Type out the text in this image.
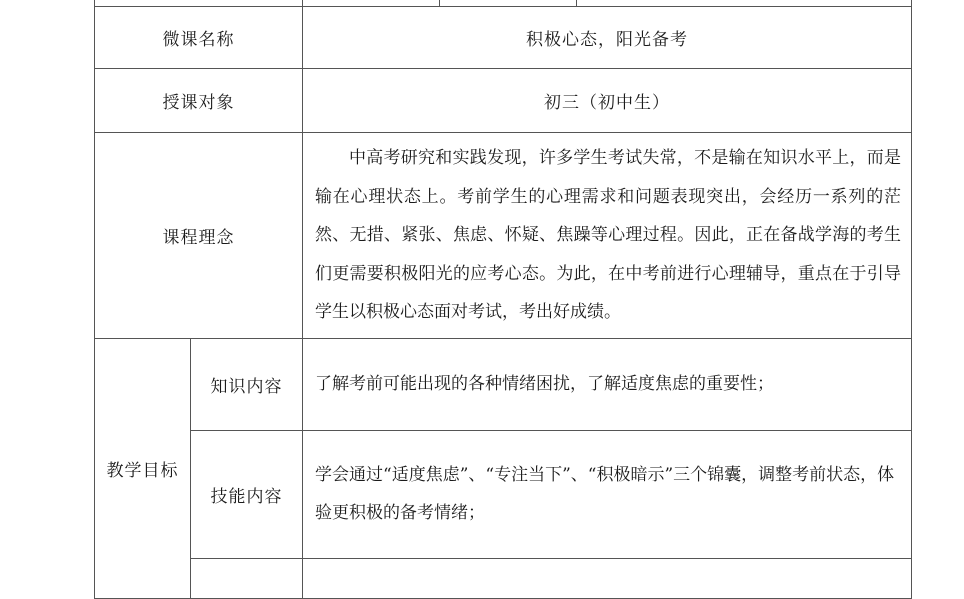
微课名称		积极心态，阳光备考
授课对象		初三（初中生）
课程理念		中高考研究和实践发现，许多学生考试失常，不是输在知识水平上，而是输在心理状态上。考前学生的心理需求和问题表现突出，会经历一系列的茫然、无措、紧张、焦虑、怀疑、焦躁等心理过程。因此，正在备战学海的考生们更需要积极阳光的应考心态。为此，在中考前进行心理辅导，重点在于引导学生以积极心态面对考试，考出好成绩。

教学目标	知识内容	了解考前可能出现的各种情绪困扰，了解适度焦虑的重要性；

	技能内容	学会通过“适度焦虑”、“专注当下”、“积极暗示”三个锦囊，调整考前状态，体验更积极的备考情绪；
